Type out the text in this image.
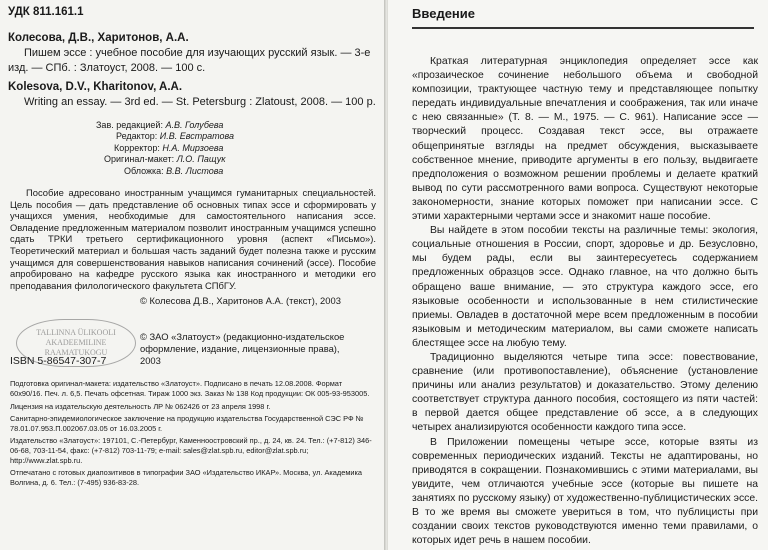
УДК 811.161.1
Колесова, Д.В., Харитонов, А.А.
Пишем эссе : учебное пособие для изучающих русский язык. — 3-е изд. — СПб. : Златоуст, 2008. — 100 с.
Kolesova, D.V., Kharitonov, A.A.
Writing an essay. — 3rd ed. — St. Petersburg : Zlatoust, 2008. — 100 p.
Зав. редакцией: А.В. Голубева
Редактор: И.В. Евстратова
Корректор: Н.А. Мирзоева
Оригинал-макет: Л.О. Пащук
Обложка: В.В. Листова

Пособие адресовано иностранным учащимся гуманитарных специальностей. Цель пособия — дать представление об основных типах эссе и сформировать у учащихся умения, необходимые для самостоятельного написания эссе. Овладение предложенным материалом позволит иностранным учащимся успешно сдать ТРКИ третьего сертификационного уровня (аспект «Письмо»). Теоретический материал и большая часть заданий будет полезна также и русским учащимся для совершенствования навыков написания сочинений (эссе). Пособие апробировано на кафедре русского языка как иностранного и методики его преподавания филологического факультета СПбГУ.

© Колесова Д.В., Харитонов А.А. (текст), 2003
© ЗАО «Златоуст» (редакционно-издательское оформление, издание, лицензионные права), 2003
TALLINNA ÜLIKOOLI
AKADEEMILINE
RAAMATUKOGU
ISBN 5-86547-307-7

Подготовка оригинал-макета: издательство «Златоуст». Подписано в печать 12.08.2008. Формат 60х90/16. Печ. л. 6,5. Печать офсетная. Тираж 1000 экз. Заказ № 138 Код продукции: ОК 005-93-953005.

Лицензия на издательскую деятельность ЛР № 062426 от 23 апреля 1998 г.

Санитарно-эпидемиологическое заключение на продукцию издательства Государственной СЭС РФ № 78.01.07.953.П.002067.03.05 от 16.03.2005 г.

Издательство «Златоуст»: 197101, С.-Петербург, Каменноостровский пр., д. 24, кв. 24. Тел.: (+7-812) 346-06-68, 703-11-54, факс: (+7-812) 703-11-79; e-mail: sales@zlat.spb.ru, editor@zlat.spb.ru; http://www.zlat.spb.ru.

Отпечатано с готовых диапозитивов в типографии ЗАО «Издательство ИКАР». Москва, ул. Академика Волгина, д. 6. Тел.: (7-495) 936-83-28.

Введение

Краткая литературная энциклопедия определяет эссе как «прозаическое сочинение небольшого объема и свободной композиции, трактующее частную тему и представляющее попытку передать индивидуальные впечатления и соображения, так или иначе с нею связанные» (Т. 8. — М., 1975. — С. 961). Написание эссе — творческий процесс. Создавая текст эссе, вы отражаете общепринятые взгляды на предмет обсуждения, высказываете собственное мнение, приводите аргументы в его пользу, выдвигаете предположения о возможном решении проблемы и делаете краткий вывод по сути рассмотренного вами вопроса. Существуют некоторые закономерности, знание которых поможет при написании эссе. С этими характерными чертами эссе и знакомит наше пособие.

Вы найдете в этом пособии тексты на различные темы: экология, социальные отношения в России, спорт, здоровье и др. Безусловно, мы будем рады, если вы заинтересуетесь содержанием предложенных образцов эссе. Однако главное, на что должно быть обращено ваше внимание, — это структура каждого эссе, его языковые особенности и использованные в нем стилистические приемы. Овладев в достаточной мере всем предложенным в пособии языковым и методическим материалом, вы сами сможете написать блестящее эссе на любую тему.

Традиционно выделяются четыре типа эссе: повествование, сравнение (или противопоставление), объяснение (установление причины или анализ результатов) и доказательство. Этому делению соответствует структура данного пособия, состоящего из пяти частей: в первой дается общее представление об эссе, а в следующих четырех анализируются особенности каждого типа эссе.

В Приложении помещены четыре эссе, которые взяты из современных периодических изданий. Тексты не адаптированы, но приводятся в сокращении. Познакомившись с этими материалами, вы увидите, чем отличаются учебные эссе (которые вы пишете на занятиях по русскому языку) от художественно-публицистических эссе. В то же время вы сможете увериться в том, что публицисты при создании своих текстов руководствуются именно теми правилами, о которых идет речь в нашем пособии.
